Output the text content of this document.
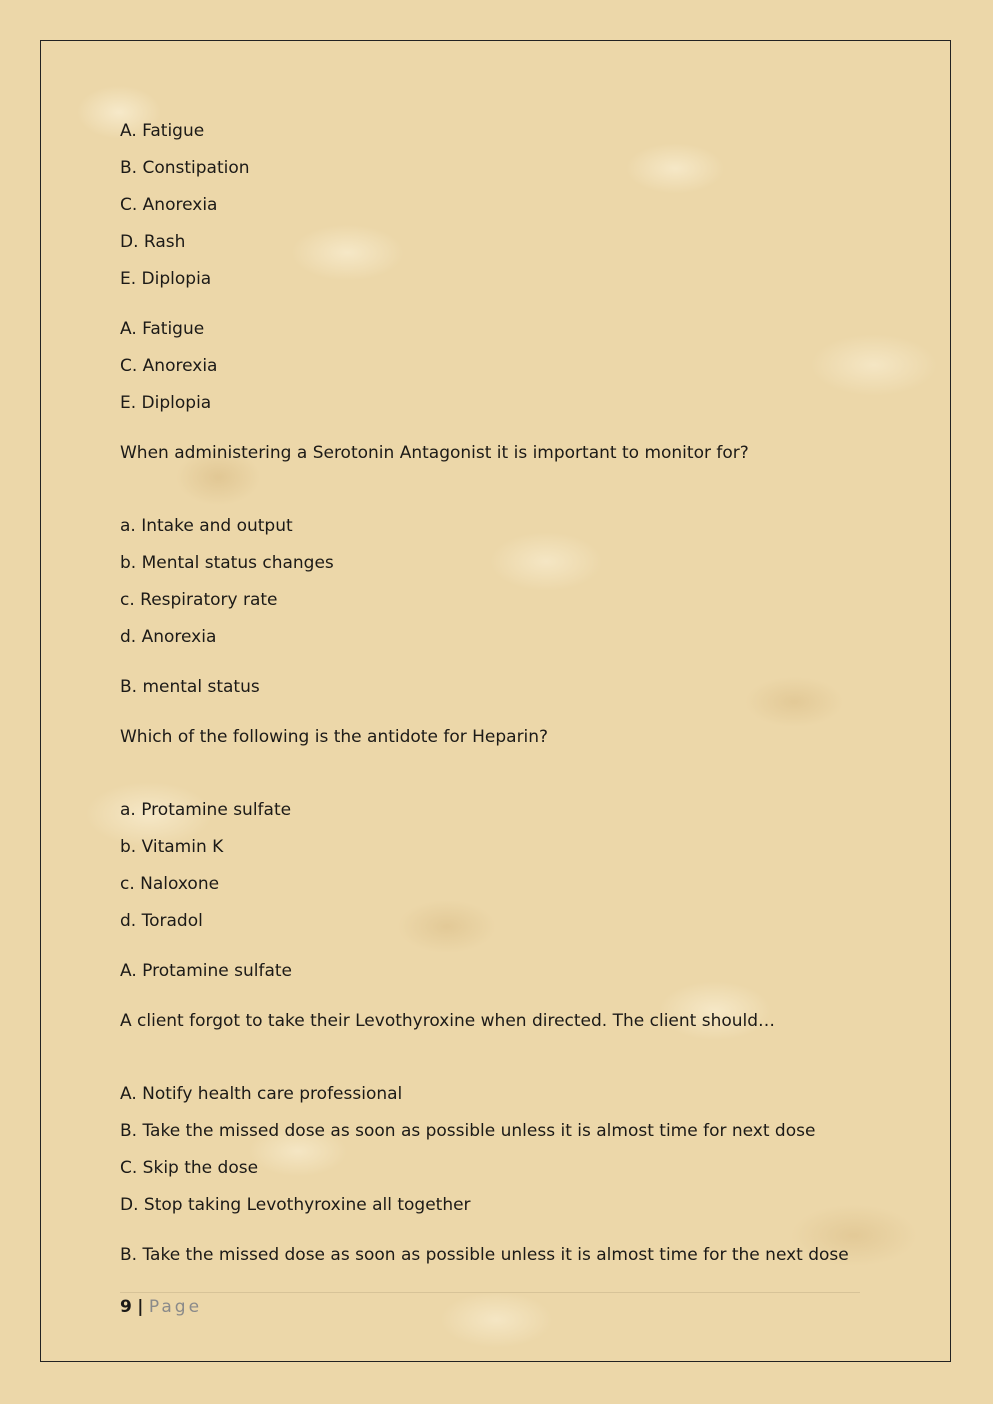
A. Fatigue

B. Constipation

C. Anorexia

D. Rash

E. Diplopia

A. Fatigue

C. Anorexia

E. Diplopia

When administering a Serotonin Antagonist it is important to monitor for?

a. Intake and output

b. Mental status changes

c. Respiratory rate

d. Anorexia

B. mental status

Which of the following is the antidote for Heparin?

a. Protamine sulfate

b. Vitamin K

c. Naloxone

d. Toradol

A. Protamine sulfate

A client forgot to take their Levothyroxine when directed. The client should…

A. Notify health care professional

B. Take the missed dose as soon as possible unless it is almost time for next dose

C. Skip the dose

D. Stop taking Levothyroxine all together

B. Take the missed dose as soon as possible unless it is almost time for the next dose

9 | Page
